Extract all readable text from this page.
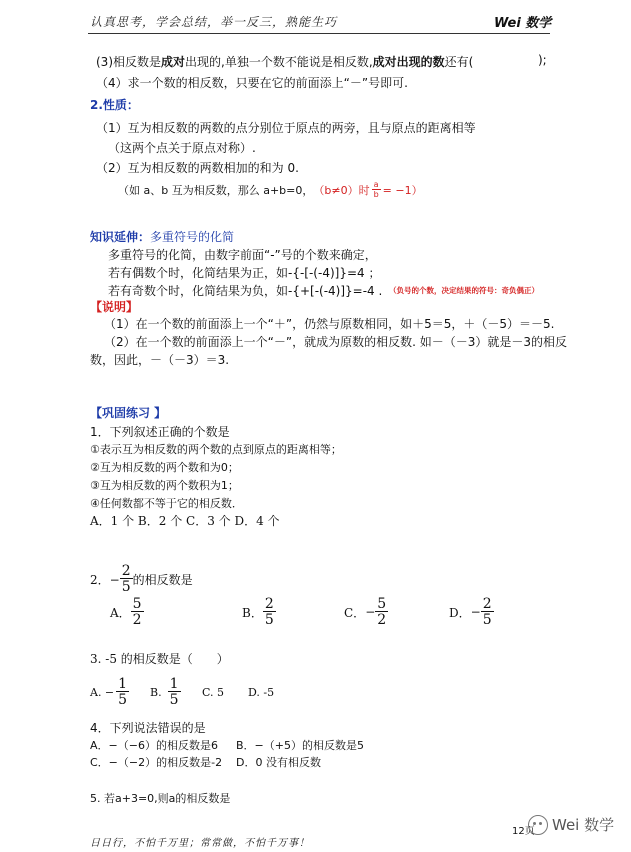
认真思考，学会总结，举一反三，熟能生巧	Wei 数学
(3)相反数是成对出现的,单独一个数不能说是相反数,成对出现的数还有(	);
（4）求一个数的相反数，只要在它的前面添上“－”号即可.
2.性质：
（1）互为相反数的两数的点分别位于原点的两旁，且与原点的距离相等
（这两个点关于原点对称）.
（2）互为相反数的两数相加的和为 0.
（如 a、b 互为相反数，那么 a+b=0， （b≠0）时 $\frac{a}{b} = -1$）
知识延伸：多重符号的化简
多重符号的化简，由数字前面“-”号的个数来确定，
若有偶数个时，化简结果为正，如-{-[-(-4)]}=4 ；
若有奇数个时，化简结果为负，如-{+[-(-4)]}=-4 . （负号的个数，决定结果的符号：奇负偶正）
【说明】
（1）在一个数的前面添上一个“＋”，仍然与原数相同，如＋5＝5，＋（－5）＝－5.
（2）在一个数的前面添上一个“－”，就成为原数的相反数. 如－（－3）就是－3的相反
数，因此，－（－3）＝3.
【巩固练习 】
1．下列叙述正确的个数是
①表示互为相反数的两个数的点到原点的距离相等；
②互为相反数的两个数和为0；
③互为相反数的两个数积为1；
④任何数都不等于它的相反数．
A．1 个 B．2 个 C．3 个 D．4 个
2．− $\frac{2}{5}$ 的相反数是
A． $\frac{5}{2}$	B． $\frac{2}{5}$	C． − $\frac{5}{2}$	D． − $\frac{2}{5}$
3. -5 的相反数是（　　）
A. − $\frac{1}{5} B$. $\frac{1}{5} C$. 5 D. -5
4．下列说法错误的是
A．−（−6）的相反数是6 B．−（+5）的相反数是5
C．−（−2）的相反数是-2 D．0 没有相反数
5. 若a+3=0,则a的相反数是
日日行，不怕千万里；常常做，不怕千万事！
12页 Wei 数学
